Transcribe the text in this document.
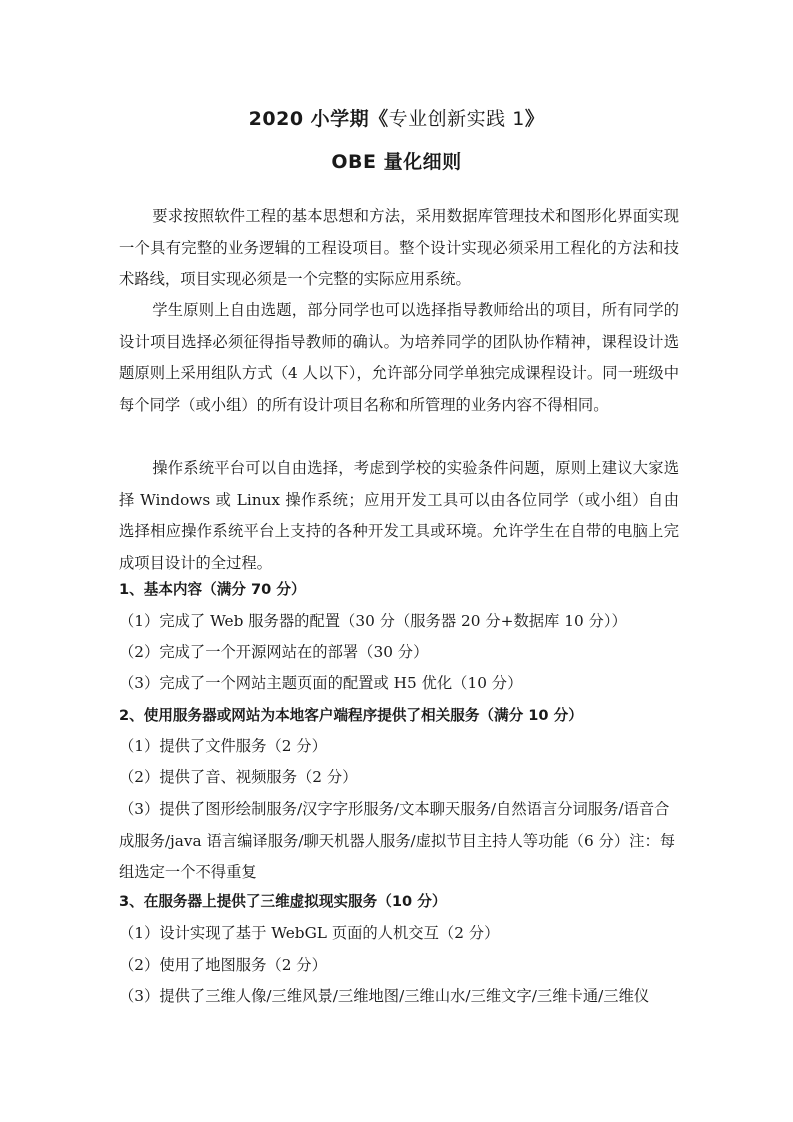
2020 小学期《专业创新实践 1》
OBE 量化细则

要求按照软件工程的基本思想和方法，采用数据库管理技术和图形化界面实现一个具有完整的业务逻辑的工程设项目。整个设计实现必须采用工程化的方法和技术路线，项目实现必须是一个完整的实际应用系统。

学生原则上自由选题，部分同学也可以选择指导教师给出的项目，所有同学的设计项目选择必须征得指导教师的确认。为培养同学的团队协作精神，课程设计选题原则上采用组队方式（4 人以下），允许部分同学单独完成课程设计。同一班级中每个同学（或小组）的所有设计项目名称和所管理的业务内容不得相同。

操作系统平台可以自由选择，考虑到学校的实验条件问题，原则上建议大家选择 Windows 或 Linux 操作系统；应用开发工具可以由各位同学（或小组）自由选择相应操作系统平台上支持的各种开发工具或环境。允许学生在自带的电脑上完成项目设计的全过程。

1、基本内容（满分 70 分）
（1）完成了 Web 服务器的配置（30 分（服务器 20 分+数据库 10 分））
（2）完成了一个开源网站在的部署（30 分）
（3）完成了一个网站主题页面的配置或 H5 优化（10 分）
2、使用服务器或网站为本地客户端程序提供了相关服务（满分 10 分）
（1）提供了文件服务（2 分）
（2）提供了音、视频服务（2 分）
（3）提供了图形绘制服务/汉字字形服务/文本聊天服务/自然语言分词服务/语音合成服务/java 语言编译服务/聊天机器人服务/虚拟节目主持人等功能（6 分）注：每组选定一个不得重复
3、在服务器上提供了三维虚拟现实服务（10 分）
（1）设计实现了基于 WebGL 页面的人机交互（2 分）
（2）使用了地图服务（2 分）
（3）提供了三维人像/三维风景/三维地图/三维山水/三维文字/三维卡通/三维仪
